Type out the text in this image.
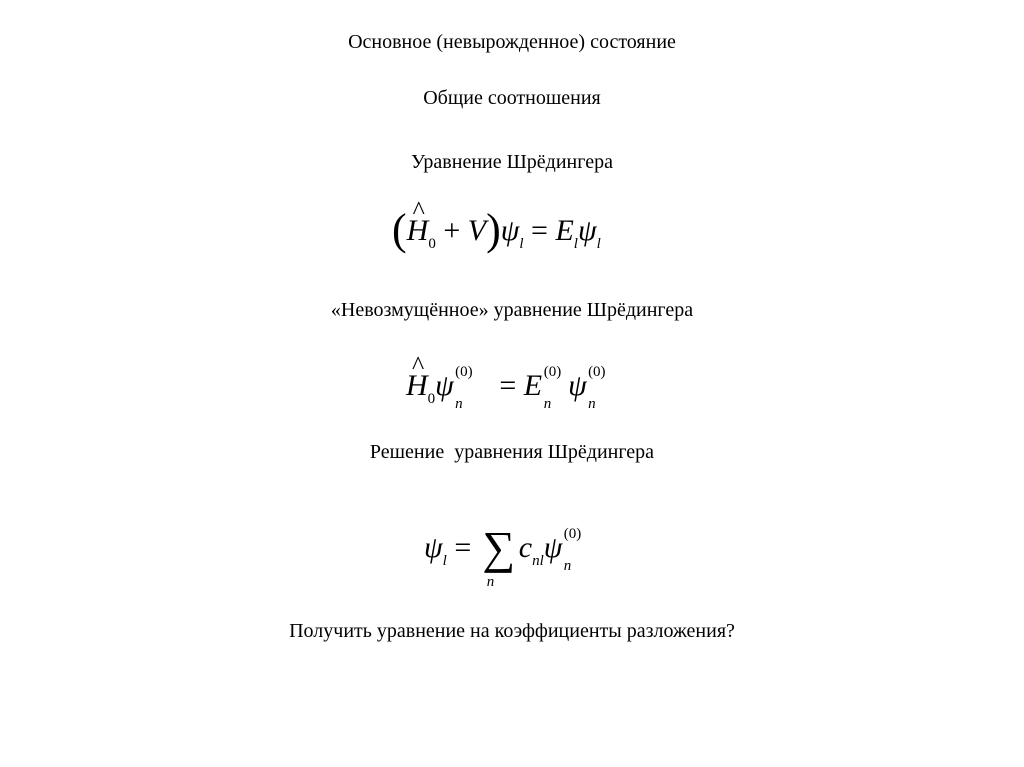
Основное (невырожденное) состояние
Общие соотношения
Уравнение Шрёдингера
(^ $H_0 + V)\psi_l = E_l\psi_l$
«Невозмущённое» уравнение Шрёдингера
^ $H_0\psi$ (0)
n
= E (0)
n
ψ (0)
n
Решение  уравнения Шрёдингера
$\psi_l$ = ∑
n
$c_{nl}\psi$ (0)
n
Получить уравнение на коэффициенты разложения?
